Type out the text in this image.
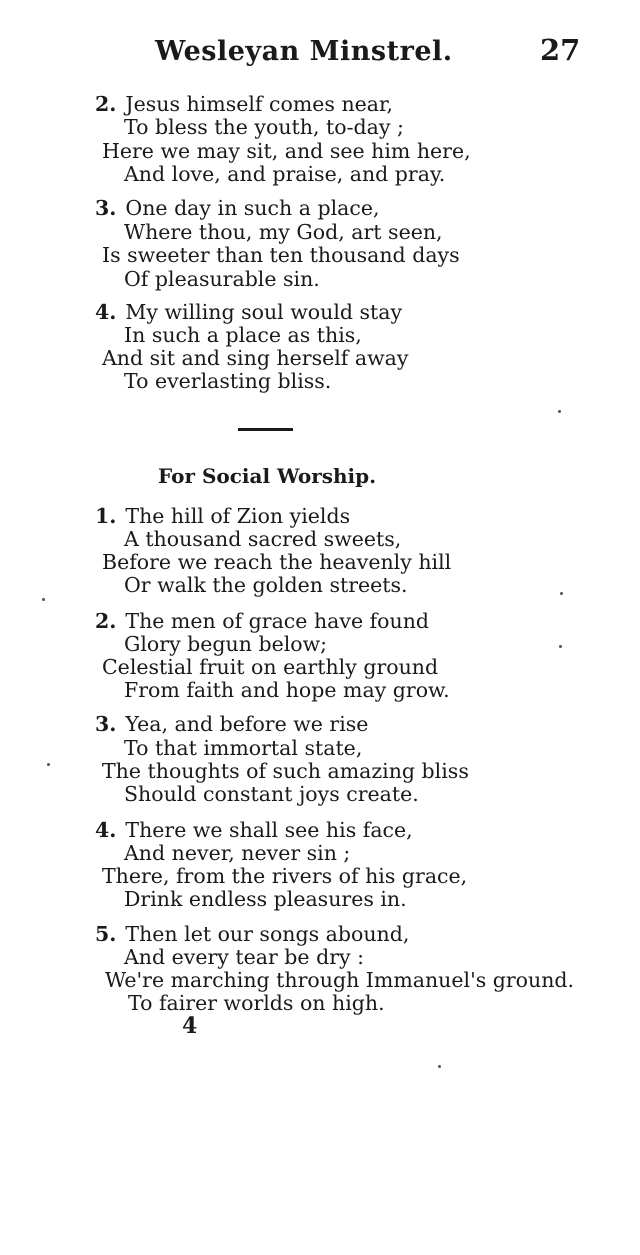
Wesleyan Minstrel.	27
2. Jesus himself comes near,
To bless the youth, to-day ;
Here we may sit, and see him here,
And love, and praise, and pray.
3. One day in such a place,
Where thou, my God, art seen,
Is sweeter than ten thousand days
Of pleasurable sin.
4. My willing soul would stay
In such a place as this,
And sit and sing herself away
To everlasting bliss.
For Social Worship.
1. The hill of Zion yields
A thousand sacred sweets,
Before we reach the heavenly hill
Or walk the golden streets.
2. The men of grace have found
Glory begun below;
Celestial fruit on earthly ground
From faith and hope may grow.
3. Yea, and before we rise
To that immortal state,
The thoughts of such amazing bliss
Should constant joys create.
4. There we shall see his face,
And never, never sin ;
There, from the rivers of his grace,
Drink endless pleasures in.
5. Then let our songs abound,
And every tear be dry :
We're marching through Immanuel's ground.
To fairer worlds on high.
4
